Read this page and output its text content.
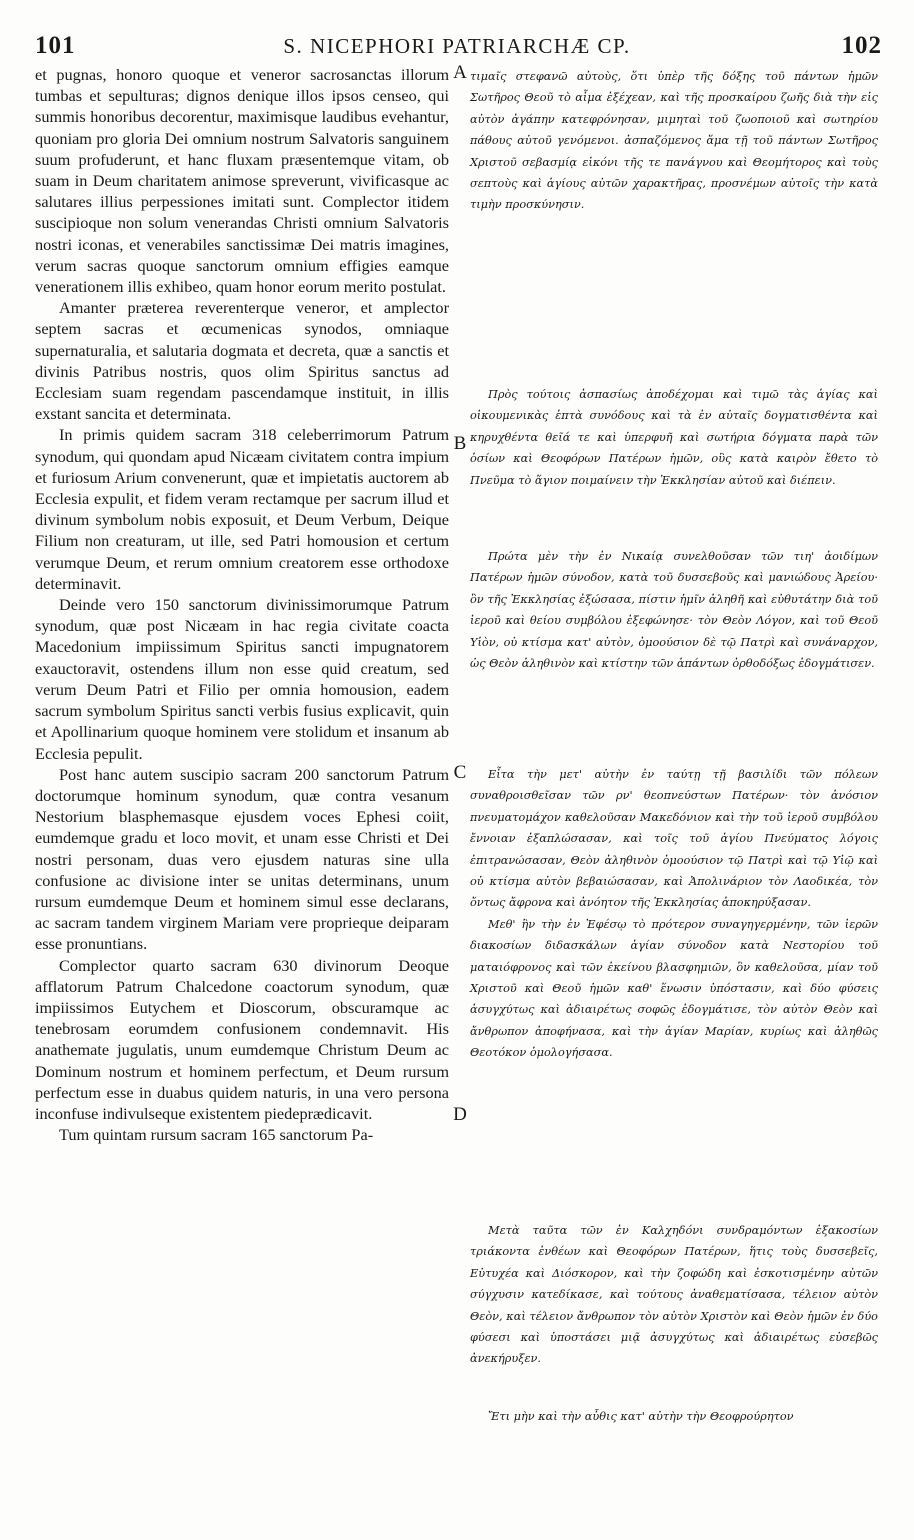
101	S. NICEPHORI PATRIARCHÆ CP.	102

et pugnas, honoro quoque et veneror sacrosanctas illorum tumbas et sepulturas; dignos denique illos ipsos censeo, qui summis honoribus decorentur, maximisque laudibus evehantur, quoniam pro gloria Dei omnium nostrum Salvatoris sanguinem suum profuderunt, et hanc fluxam præsentemque vitam, ob suam in Deum charitatem animose spreverunt, vivificasque ac salutares illius perpessiones imitati sunt. Complector itidem suscipioque non solum venerandas Christi omnium Salvatoris nostri iconas, et venerabiles sanctissimæ Dei matris imagines, verum sacras quoque sanctorum omnium effigies eamque venerationem illis exhibeo, quam honor eorum merito postulat.

Amanter præterea reverenterque veneror, et amplector septem sacras et œcumenicas synodos, omniaque supernaturalia, et salutaria dogmata et decreta, quæ a sanctis et divinis Patribus nostris, quos olim Spiritus sanctus ad Ecclesiam suam regendam pascendamque instituit, in illis exstant sancita et determinata.

In primis quidem sacram 318 celeberrimorum Patrum synodum, qui quondam apud Nicæam civitatem contra impium et furiosum Arium convenerunt, quæ et impietatis auctorem ab Ecclesia expulit, et fidem veram rectamque per sacrum illud et divinum symbolum nobis exposuit, et Deum Verbum, Deique Filium non creaturam, ut ille, sed Patri homousion et certum verumque Deum, et rerum omnium creatorem esse orthodoxe determinavit.

Deinde vero 150 sanctorum divinissimorumque Patrum synodum, quæ post Nicæam in hac regia civitate coacta Macedonium impiissimum Spiritus sancti impugnatorem exauctoravit, ostendens illum non esse quid creatum, sed verum Deum Patri et Filio per omnia homousion, eadem sacrum symbolum Spiritus sancti verbis fusius explicavit, quin et Apollinarium quoque hominem vere stolidum et insanum ab Ecclesia pepulit.

Post hanc autem suscipio sacram 200 sanctorum Patrum doctorumque hominum synodum, quæ contra vesanum Nestorium blasphemasque ejusdem voces Ephesi coiit, eumdemque gradu et loco movit, et unam esse Christi et Dei nostri personam, duas vero ejusdem naturas sine ulla confusione ac divisione inter se unitas determinans, unum rursum eumdemque Deum et hominem simul esse declarans, ac sacram tandem virginem Mariam vere proprieque deiparam esse pronuntians.

Complector quarto sacram 630 divinorum Deoque afflatorum Patrum Chalcedone coactorum synodum, quæ impiissimos Eutychem et Dioscorum, obscuramque ac tenebrosam eorumdem confusionem condemnavit. His anathemate jugulatis, unum eumdemque Christum Deum ac Dominum nostrum et hominem perfectum, et Deum rursum perfectum esse in duabus quidem naturis, in una vero persona inconfuse indivulseque existentem piedeprædicavit.

Tum quintam rursum sacram 165 sanctorum Pa-

A
B
C
D

τιμαῖς στεφανῶ αὐτοὺς, ὅτι ὑπὲρ τῆς δόξης τοῦ πάντων ἡμῶν Σωτῆρος Θεοῦ τὸ αἷμα ἐξέχεαν, καὶ τῆς προσκαίρου ζωῆς διὰ τὴν εἰς αὐτὸν ἀγάπην κατεφρόνησαν, μιμηταὶ τοῦ ζωοποιοῦ καὶ σωτηρίου πάθους αὐτοῦ γενόμενοι. ἀσπαζόμενος ἅμα τῇ τοῦ πάντων Σωτῆρος Χριστοῦ σεβασμίᾳ εἰκόνι τῆς τε πανάγνου καὶ Θεομήτορος καὶ τοὺς σεπτοὺς καὶ ἁγίους αὐτῶν χαρακτῆρας, προσνέμων αὐτοῖς τὴν κατὰ τιμὴν προσκύνησιν.

Πρὸς τούτοις ἀσπασίως ἀποδέχομαι καὶ τιμῶ τὰς ἁγίας καὶ οἰκουμενικὰς ἑπτὰ συνόδους καὶ τὰ ἐν αὐταῖς δογματισθέντα καὶ κηρυχθέντα θεῖά τε καὶ ὑπερφυῆ καὶ σωτήρια δόγματα παρὰ τῶν ὁσίων καὶ Θεοφόρων Πατέρων ἡμῶν, οὓς κατὰ καιρὸν ἔθετο τὸ Πνεῦμα τὸ ἅγιον ποιμαίνειν τὴν Ἐκκλησίαν αὐτοῦ καὶ διέπειν.

Πρώτα μὲν τὴν ἐν Νικαίᾳ συνελθοῦσαν τῶν τιη' ἀοιδίμων Πατέρων ἡμῶν σύνοδον, κατὰ τοῦ δυσσεβοῦς καὶ μανιώδους Ἀρείου· ὃν τῆς Ἐκκλησίας ἐξώσασα, πίστιν ἡμῖν ἀληθῆ καὶ εὐθυτάτην διὰ τοῦ ἱεροῦ καὶ θείου συμβόλου ἐξεφώνησε· τὸν Θεὸν Λόγον, καὶ τοῦ Θεοῦ Υἱὸν, οὐ κτίσμα κατ' αὐτὸν, ὁμοούσιον δὲ τῷ Πατρὶ καὶ συνάναρχον, ὡς Θεὸν ἀληθινὸν καὶ κτίστην τῶν ἁπάντων ὀρθοδόξως ἐδογμάτισεν.

Εἶτα τὴν μετ' αὐτὴν ἐν ταύτῃ τῇ βασιλίδι τῶν πόλεων συναθροισθεῖσαν τῶν ρν' θεοπνεύστων Πατέρων· τὸν ἀνόσιον πνευματομάχον καθελοῦσαν Μακεδόνιον καὶ τὴν τοῦ ἱεροῦ συμβόλου ἔννοιαν ἐξαπλώσασαν, καὶ τοῖς τοῦ ἁγίου Πνεύματος λόγοις ἐπιτρανώσασαν, Θεὸν ἀληθινὸν ὁμοούσιον τῷ Πατρὶ καὶ τῷ Υἱῷ καὶ οὐ κτίσμα αὐτὸν βεβαιώσασαν, καὶ Ἀπολινάριον τὸν Λαοδικέα, τὸν ὄντως ἄφρονα καὶ ἀνόητον τῆς Ἐκκλησίας ἀποκηρύξασαν.

Μεθ' ἣν τὴν ἐν Ἐφέσῳ τὸ πρότερον συναγηγερμένην, τῶν ἱερῶν διακοσίων διδασκάλων ἁγίαν σύνοδον κατὰ Νεστορίου τοῦ ματαιόφρονος καὶ τῶν ἐκείνου βλασφημιῶν, ὃν καθελοῦσα, μίαν τοῦ Χριστοῦ καὶ Θεοῦ ἡμῶν καθ' ἕνωσιν ὑπόστασιν, καὶ δύο φύσεις ἀσυγχύτως καὶ ἀδιαιρέτως σοφῶς ἐδογμάτισε, τὸν αὐτὸν Θεὸν καὶ ἄνθρωπον ἀποφήνασα, καὶ τὴν ἁγίαν Μαρίαν, κυρίως καὶ ἀληθῶς Θεοτόκον ὁμολογήσασα.

Μετὰ ταῦτα τῶν ἐν Καλχηδόνι συνδραμόντων ἑξακοσίων τριάκοντα ἐνθέων καὶ Θεοφόρων Πατέρων, ἥτις τοὺς δυσσεβεῖς, Εὐτυχέα καὶ Διόσκορον, καὶ τὴν ζοφώδη καὶ ἐσκοτισμένην αὐτῶν σύγχυσιν κατεδίκασε, καὶ τούτους ἀναθεματίσασα, τέλειον αὐτὸν Θεὸν, καὶ τέλειον ἄνθρωπον τὸν αὐτὸν Χριστὸν καὶ Θεὸν ἡμῶν ἐν δύο φύσεσι καὶ ὑποστάσει μιᾷ ἀσυγχύτως καὶ ἀδιαιρέτως εὐσεβῶς ἀνεκήρυξεν.

Ἔτι μὴν καὶ τὴν αὖθις κατ' αὐτὴν τὴν Θεοφρούρητον
